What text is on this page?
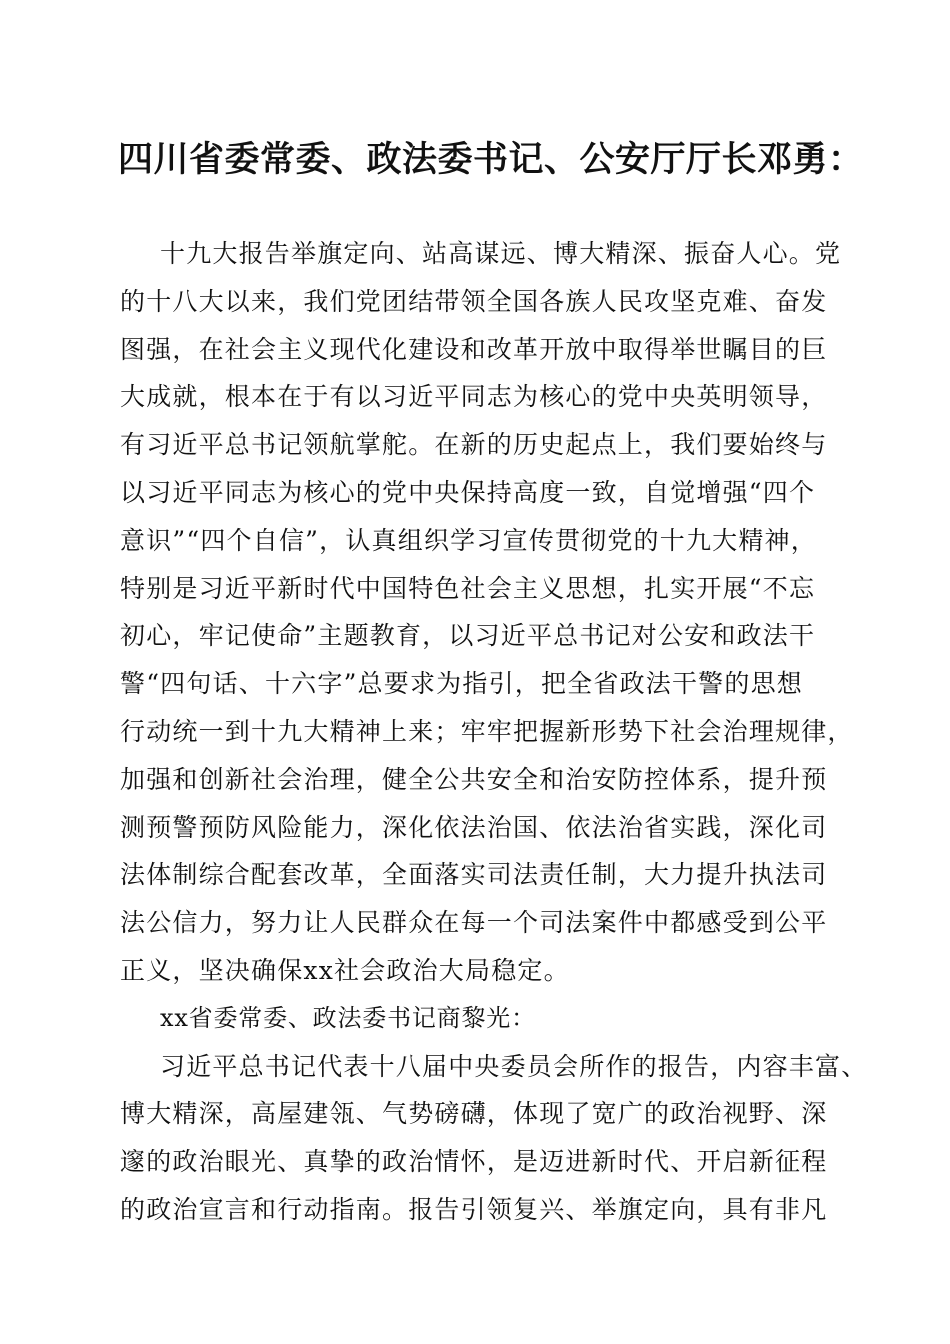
四川省委常委、政法委书记、公安厅厅长邓勇：
十九大报告举旗定向、站高谋远、博大精深、振奋人心。党
的十八大以来，我们党团结带领全国各族人民攻坚克难、奋发
图强，在社会主义现代化建设和改革开放中取得举世瞩目的巨
大成就，根本在于有以习近平同志为核心的党中央英明领导，
有习近平总书记领航掌舵。在新的历史起点上，我们要始终与
以习近平同志为核心的党中央保持高度一致，自觉增强“四个
意识”“四个自信”，认真组织学习宣传贯彻党的十九大精神，
特别是习近平新时代中国特色社会主义思想，扎实开展“不忘
初心，牢记使命”主题教育，以习近平总书记对公安和政法干
警“四句话、十六字”总要求为指引，把全省政法干警的思想
行动统一到十九大精神上来；牢牢把握新形势下社会治理规律，
加强和创新社会治理，健全公共安全和治安防控体系，提升预
测预警预防风险能力，深化依法治国、依法治省实践，深化司
法体制综合配套改革，全面落实司法责任制，大力提升执法司
法公信力，努力让人民群众在每一个司法案件中都感受到公平
正义，坚决确保xx社会政治大局稳定。
xx省委常委、政法委书记商黎光：
习近平总书记代表十八届中央委员会所作的报告，内容丰富、
博大精深，高屋建瓴、气势磅礴，体现了宽广的政治视野、深
邃的政治眼光、真挚的政治情怀，是迈进新时代、开启新征程
的政治宣言和行动指南。报告引领复兴、举旗定向，具有非凡
